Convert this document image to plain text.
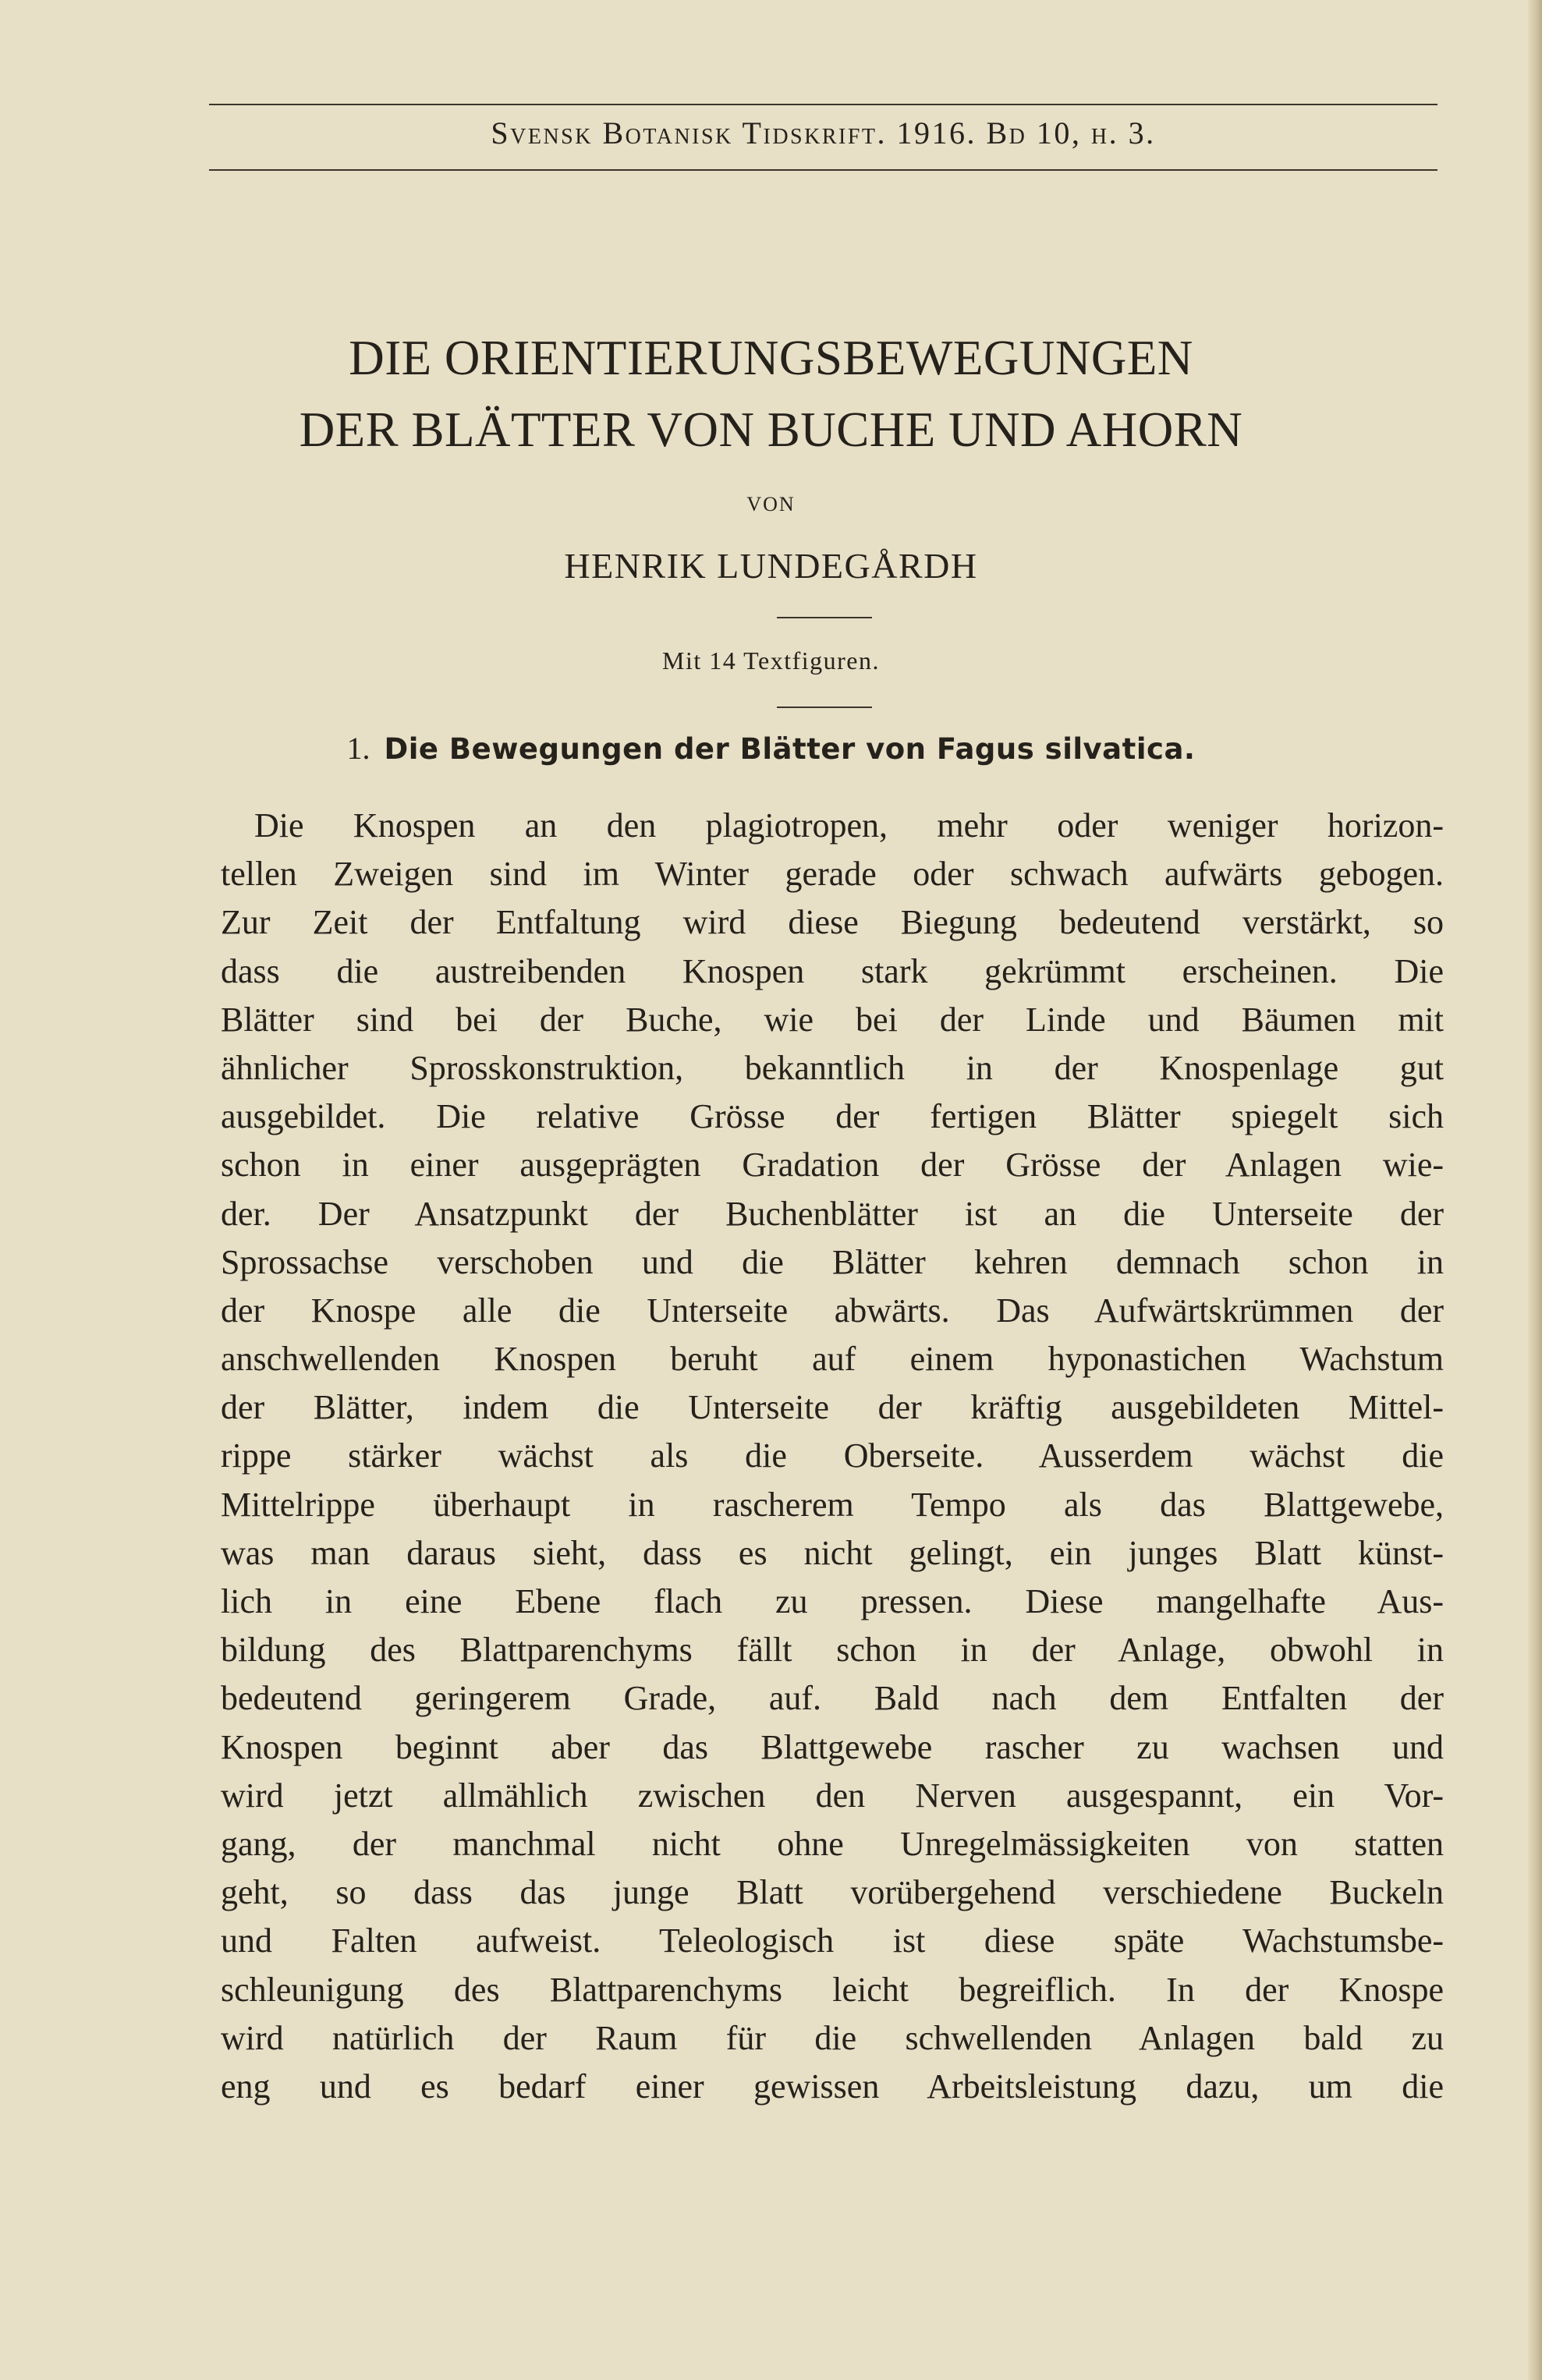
Svensk Botanisk Tidskrift. 1916. Bd 10, h. 3.
DIE ORIENTIERUNGSBEWEGUNGEN
DER BLÄTTER VON BUCHE UND AHORN
VON
HENRIK LUNDEGÅRDH
Mit 14 Textfiguren.
1. Die Bewegungen der Blätter von Fagus silvatica.
Die Knospen an den plagiotropen, mehr oder weniger horizon-
tellen Zweigen sind im Winter gerade oder schwach aufwärts gebogen.
Zur Zeit der Entfaltung wird diese Biegung bedeutend verstärkt, so
dass die austreibenden Knospen stark gekrümmt erscheinen. Die
Blätter sind bei der Buche, wie bei der Linde und Bäumen mit
ähnlicher Sprosskonstruktion, bekanntlich in der Knospenlage gut
ausgebildet. Die relative Grösse der fertigen Blätter spiegelt sich
schon in einer ausgeprägten Gradation der Grösse der Anlagen wie-
der. Der Ansatzpunkt der Buchenblätter ist an die Unterseite der
Sprossachse verschoben und die Blätter kehren demnach schon in
der Knospe alle die Unterseite abwärts. Das Aufwärtskrümmen der
anschwellenden Knospen beruht auf einem hyponastichen Wachstum
der Blätter, indem die Unterseite der kräftig ausgebildeten Mittel-
rippe stärker wächst als die Oberseite. Ausserdem wächst die
Mittelrippe überhaupt in rascherem Tempo als das Blattgewebe,
was man daraus sieht, dass es nicht gelingt, ein junges Blatt künst-
lich in eine Ebene flach zu pressen. Diese mangelhafte Aus-
bildung des Blattparenchyms fällt schon in der Anlage, obwohl in
bedeutend geringerem Grade, auf. Bald nach dem Entfalten der
Knospen beginnt aber das Blattgewebe rascher zu wachsen und
wird jetzt allmählich zwischen den Nerven ausgespannt, ein Vor-
gang, der manchmal nicht ohne Unregelmässigkeiten von statten
geht, so dass das junge Blatt vorübergehend verschiedene Buckeln
und Falten aufweist. Teleologisch ist diese späte Wachstumsbe-
schleunigung des Blattparenchyms leicht begreiflich. In der Knospe
wird natürlich der Raum für die schwellenden Anlagen bald zu
eng und es bedarf einer gewissen Arbeitsleistung dazu, um die
